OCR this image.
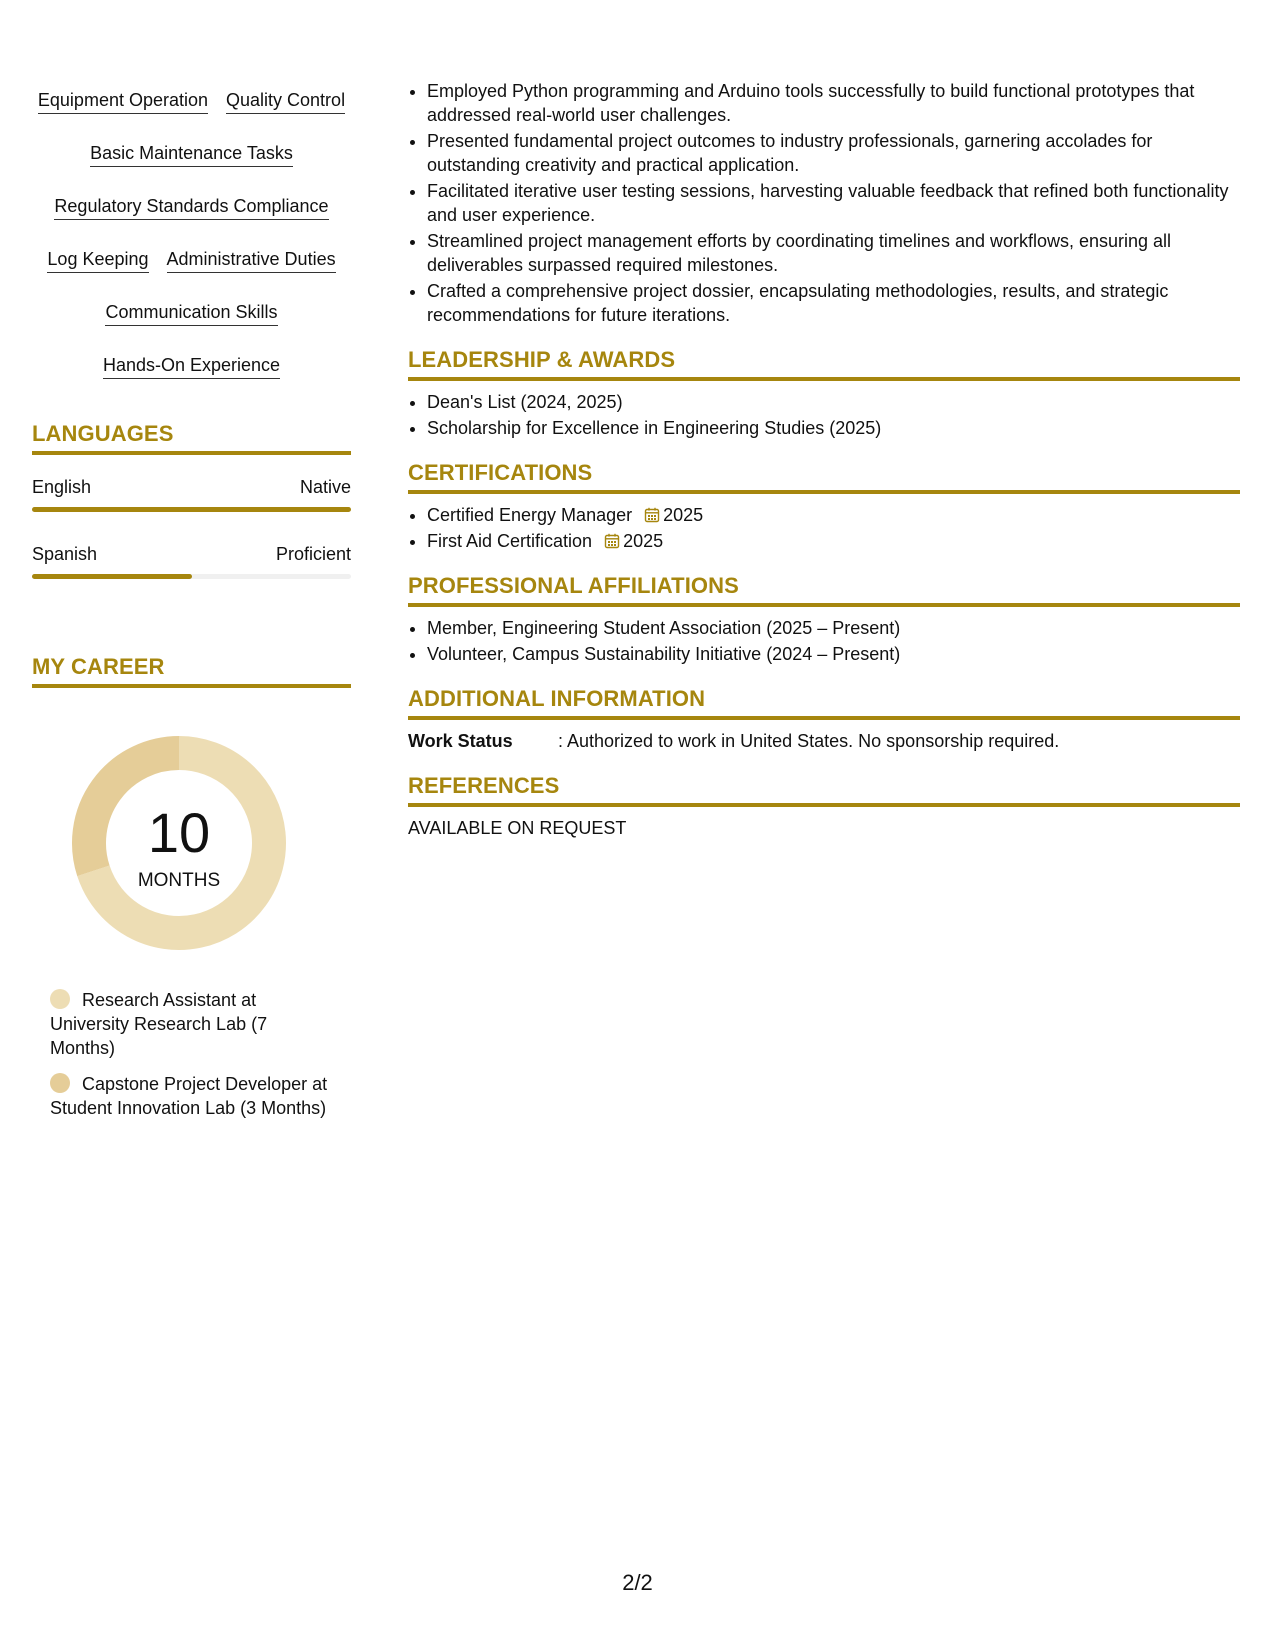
Equipment Operation Quality Control
Basic Maintenance Tasks
Regulatory Standards Compliance
Log Keeping Administrative Duties
Communication Skills
Hands-On Experience
LANGUAGES
English	Native
Spanish	Proficient
MY CAREER
10
MONTHS
Research Assistant at University Research Lab (7 Months)
Capstone Project Developer at Student Innovation Lab (3 Months)
• Employed Python programming and Arduino tools successfully to build functional prototypes that addressed real-world user challenges.
• Presented fundamental project outcomes to industry professionals, garnering accolades for outstanding creativity and practical application.
• Facilitated iterative user testing sessions, harvesting valuable feedback that refined both functionality and user experience.
• Streamlined project management efforts by coordinating timelines and workflows, ensuring all deliverables surpassed required milestones.
• Crafted a comprehensive project dossier, encapsulating methodologies, results, and strategic recommendations for future iterations.
LEADERSHIP & AWARDS
• Dean's List (2024, 2025)
• Scholarship for Excellence in Engineering Studies (2025)
CERTIFICATIONS
• Certified Energy Manager 2025
• First Aid Certification 2025
PROFESSIONAL AFFILIATIONS
• Member, Engineering Student Association (2025 – Present)
• Volunteer, Campus Sustainability Initiative (2024 – Present)
ADDITIONAL INFORMATION
Work Status	: Authorized to work in United States. No sponsorship required.
REFERENCES
AVAILABLE ON REQUEST
2/2
